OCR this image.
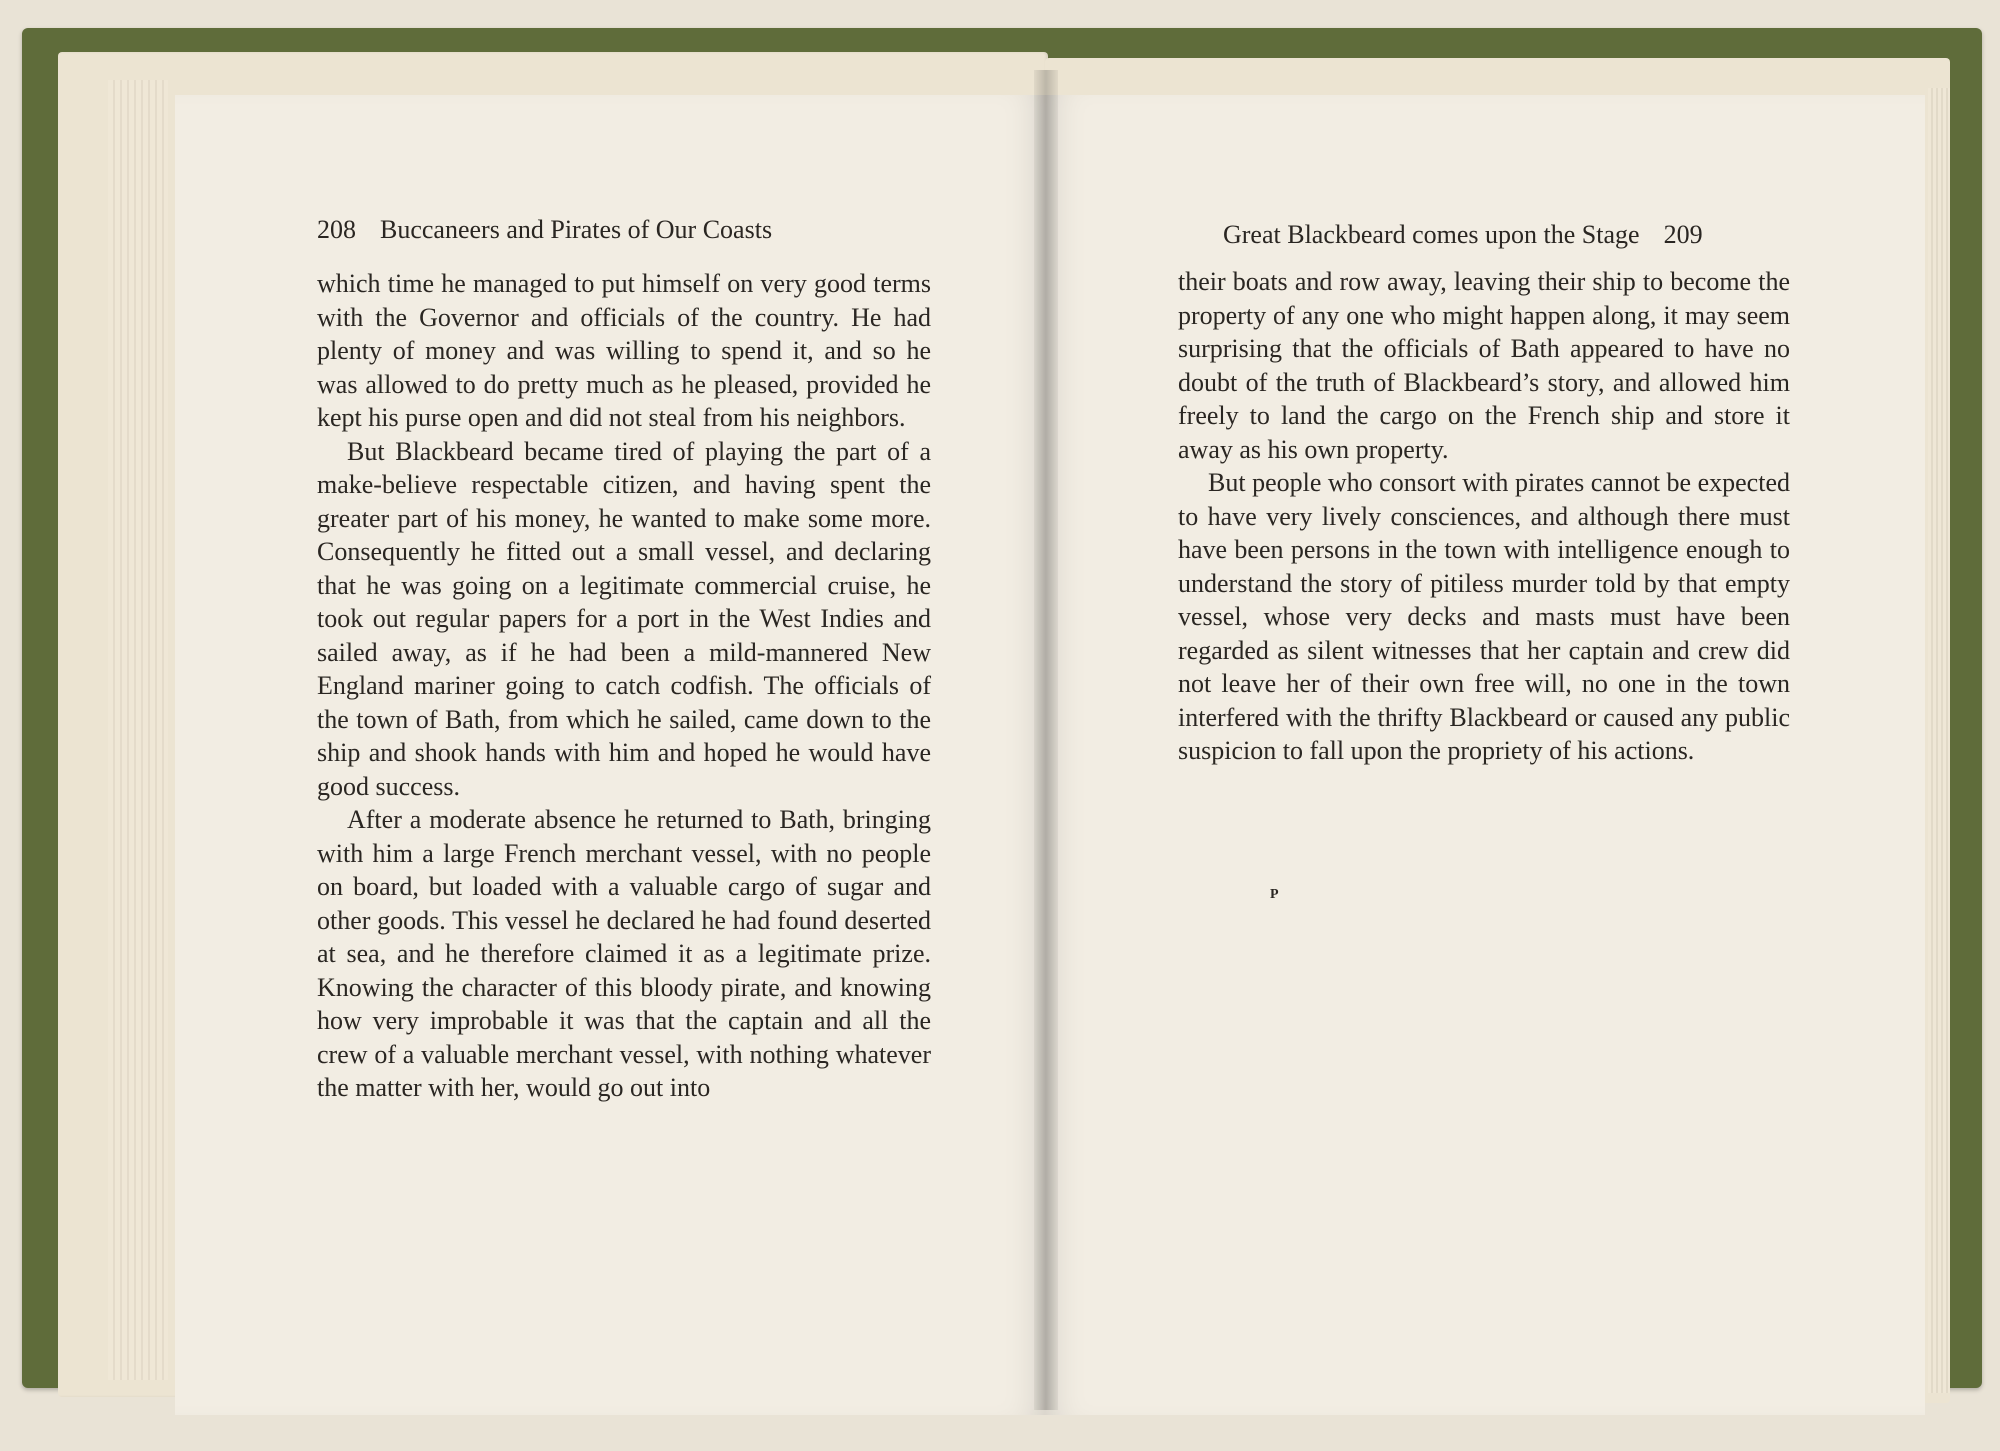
208 Buccaneers and Pirates of Our Coasts

which time he managed to put himself on very good terms with the Governor and officials of the country. He had plenty of money and was willing to spend it, and so he was allowed to do pretty much as he pleased, provided he kept his purse open and did not steal from his neighbors.

But Blackbeard became tired of playing the part of a make-believe respectable citizen, and having spent the greater part of his money, he wanted to make some more. Consequently he fitted out a small vessel, and declaring that he was going on a legitimate commercial cruise, he took out regular papers for a port in the West Indies and sailed away, as if he had been a mild-mannered New England mariner going to catch codfish. The officials of the town of Bath, from which he sailed, came down to the ship and shook hands with him and hoped he would have good success.

After a moderate absence he returned to Bath, bringing with him a large French merchant vessel, with no people on board, but loaded with a valuable cargo of sugar and other goods. This vessel he declared he had found deserted at sea, and he therefore claimed it as a legitimate prize. Knowing the character of this bloody pirate, and knowing how very improbable it was that the captain and all the crew of a valuable merchant vessel, with nothing whatever the matter with her, would go out into

Great Blackbeard comes upon the Stage 209

their boats and row away, leaving their ship to become the property of any one who might happen along, it may seem surprising that the officials of Bath appeared to have no doubt of the truth of Blackbeard’s story, and allowed him freely to land the cargo on the French ship and store it away as his own property.

But people who consort with pirates cannot be expected to have very lively consciences, and although there must have been persons in the town with intelligence enough to understand the story of pitiless murder told by that empty vessel, whose very decks and masts must have been regarded as silent witnesses that her captain and crew did not leave her of their own free will, no one in the town interfered with the thrifty Blackbeard or caused any public suspicion to fall upon the propriety of his actions.

P
